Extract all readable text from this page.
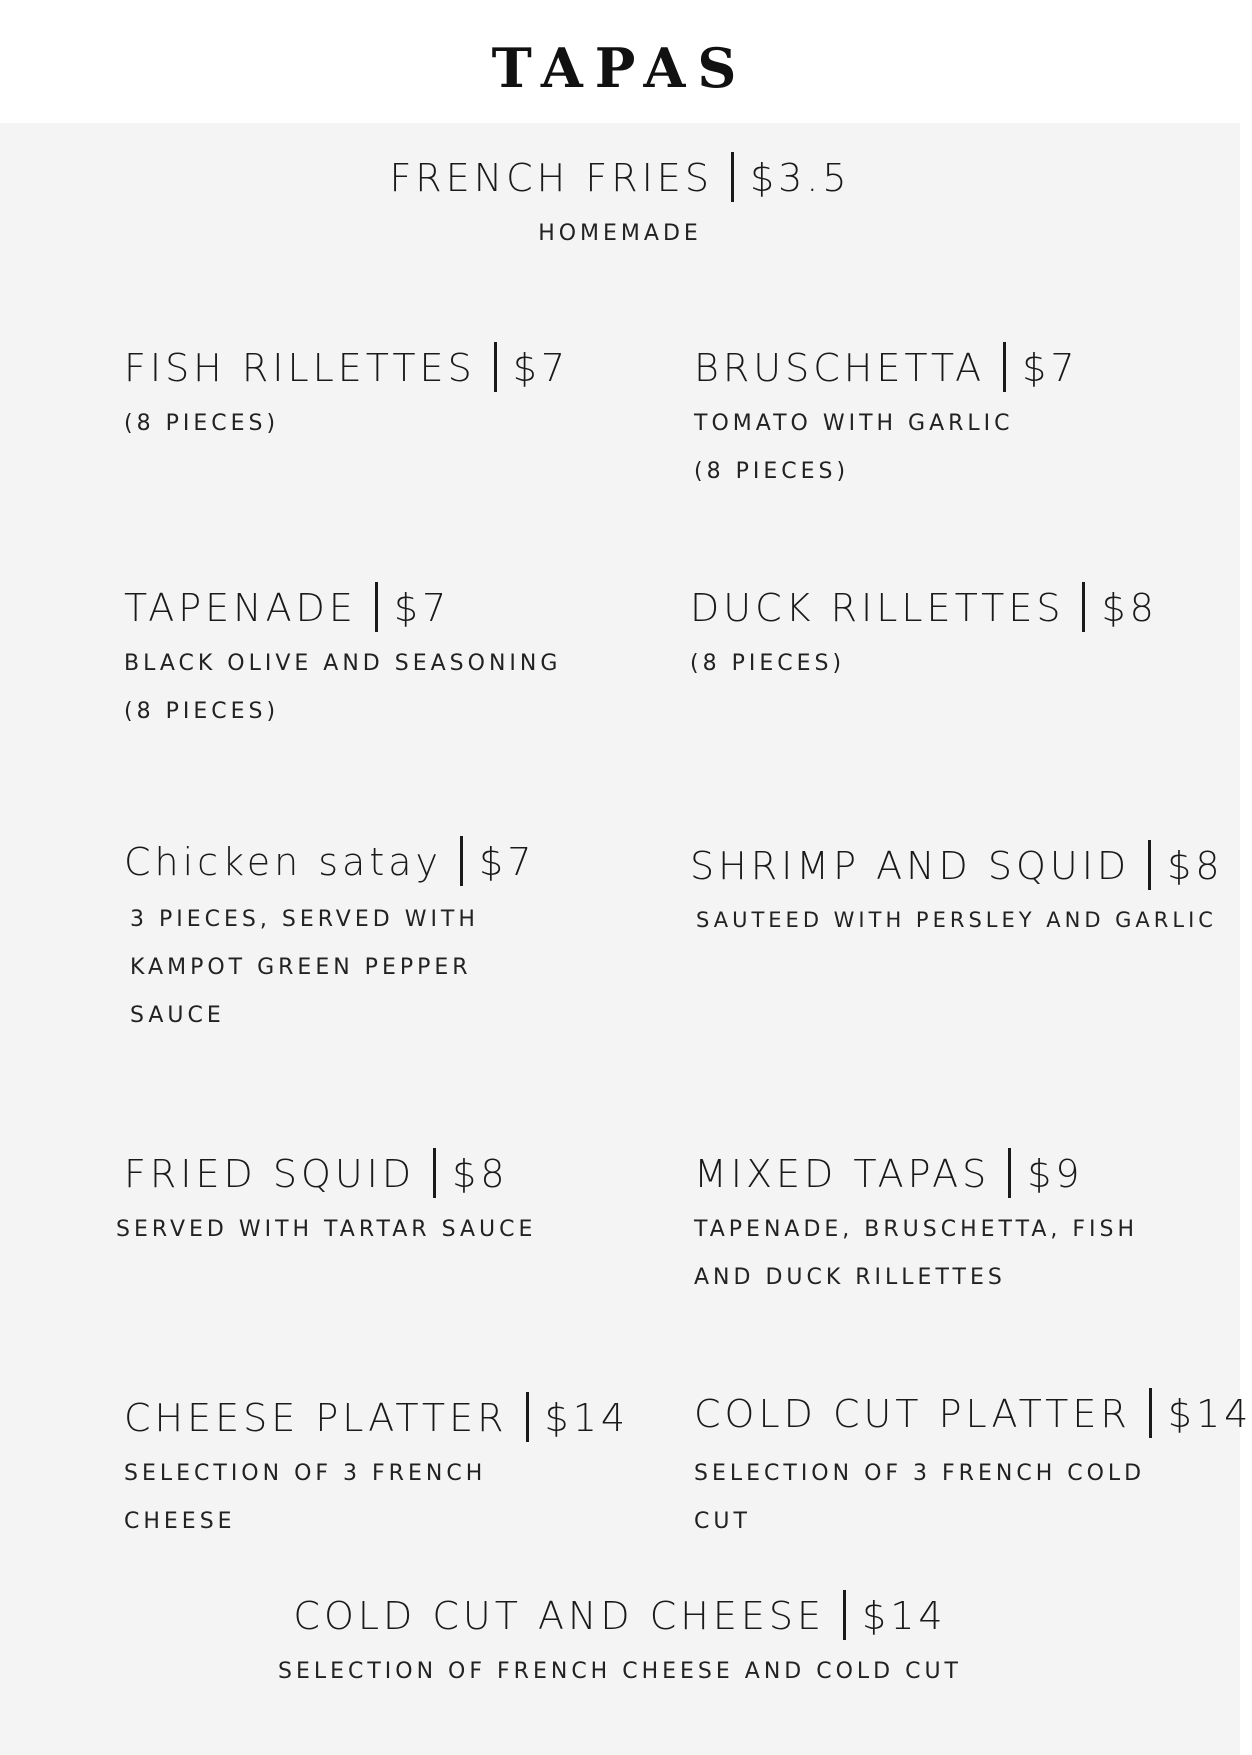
TAPAS
FRENCH FRIES $3.5
HOMEMADE
FISH RILLETTES $7
(8 PIECES)
BRUSCHETTA $7
TOMATO WITH GARLIC
(8 PIECES)
TAPENADE $7
BLACK OLIVE AND SEASONING
(8 PIECES)
DUCK RILLETTES $8
(8 PIECES)
Chicken satay $7
3 PIECES, SERVED WITH
KAMPOT GREEN PEPPER
SAUCE
SHRIMP AND SQUID $8
SAUTEED WITH PERSLEY AND GARLIC
FRIED SQUID $8
SERVED WITH TARTAR SAUCE
MIXED TAPAS $9
TAPENADE, BRUSCHETTA, FISH
AND DUCK RILLETTES
CHEESE PLATTER $14
SELECTION OF 3 FRENCH
CHEESE
COLD CUT PLATTER $14
SELECTION OF 3 FRENCH COLD
CUT
COLD CUT AND CHEESE $14
SELECTION OF FRENCH CHEESE AND COLD CUT
